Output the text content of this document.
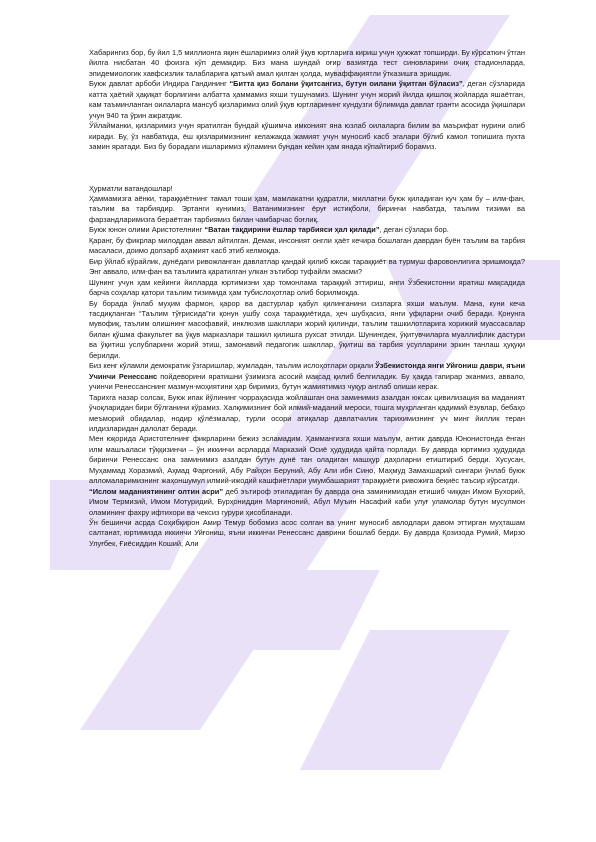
Хабарингиз бор, бу йил 1,5 миллионга яқин ёшларимиз олий ўқув юртларига кириш учун ҳужжат топширди. Бу кўрсаткич ўтган йилга нисбатан 40 фоизга кўп демакдир. Биз мана шундай оғир вазиятда тест синовларини очиқ стадионларда, эпидемиологик хавфсизлик талабларига қатъий амал қилган ҳолда, муваффақиятли ўтказишга эришдик.

Буюк давлат арбоби Индира Гандининг “Битта қиз болани ўқитсангиз, бутун оилани ўқитган бўласиз”, деган сўзларида катта ҳаётий ҳақиқат борлигини албатта ҳаммамиз яхши тушунамиз. Шунинг учун жорий йилда қишлоқ жойларда яшаётган, кам таъминланган оилаларга мансуб қизларимиз олий ўқув юртларининг кундузги бўлимида давлат гранти асосида ўқишлари учун 940 та ўрин ажратдик.

Ўйлайманки, қизларимиз учун яратилган бундай қўшимча имконият яна юзлаб оилаларга билим ва маърифат нурини олиб киради. Бу, ўз навбатида, ёш қизларимизнинг келажакда жамият учун муносиб касб эгалари бўлиб камол топишига пухта замин яратади. Биз бу борадаги ишларимиз кўламини бундан кейин ҳам янада кўпайтириб борамиз.

Ҳурматли ватандошлар!

Ҳаммамизга аёнки, тараққиётнинг тамал тоши ҳам, мамлакатни қудратли, миллатни буюк қиладиган куч ҳам бу – илм-фан, таълим ва тарбиядир. Эртанги кунимиз, Ватанимизнинг ёруғ истиқболи, биринчи навбатда, таълим тизими ва фарзандларимизга бераётган тарбиямиз билан чамбарчас боғлиқ.

Буюк юнон олими Аристотелнинг “Ватан тақдирини ёшлар тарбияси ҳал қилади”, деган сўзлари бор.

Қаранг, бу фикрлар милоддан аввал айтилган. Демак, инсоният онгли ҳаёт кечира бошлаган даврдан буён таълим ва тарбия масаласи, доимо долзарб аҳамият касб этиб келмоқда.

Бир ўйлаб кўрайлик, дунёдаги ривожланган давлатлар қандай қилиб юксак тараққиёт ва турмуш фаровонлигига эришмоқда? Энг аввало, илм-фан ва таълимга қаратилган улкан эътибор туфайли эмасми?

Шунинг учун ҳам кейинги йилларда юртимизни ҳар томонлама тараққий эттириш, янги Ўзбекистонни яратиш мақсадида барча соҳалар қатори таълим тизимида ҳам тубислоҳотлар олиб борилмоқда.

Бу борада ўнлаб муҳим фармон, қарор ва дастурлар қабул қилинганини сизларга яхши маълум. Мана, куни кеча тасдиқланган “Таълим тўғрисида”ги қонун ушбу соҳа тараққиётида, ҳеч шубҳасиз, янги уфқларни очиб беради. Қонунга мувофиқ, таълим олишнинг масофавий, инклюзив шакллари жорий қилинди, таълим ташкилотларига хорижий муассасалар билан қўшма факультет ва ўқув марказлари ташкил қилишга рухсат этилди. Шунингдек, ўқитувчиларга муаллифлик дастури ва ўқитиш услубларини жорий этиш, замонавий педагогик шакллар, ўқитиш ва тарбия усулларини эркин танлаш ҳуқуқи берилди.

Биз кенг кўламли демократик ўзгаришлар, жумладан, таълим ислоҳотлари орқали Ўзбекистонда янги Уйғониш даври, яъни Учинчи Ренессанс пойдеворини яратишни ўзимизга асосий мақсад қилиб белгиладик. Бу ҳақда гапирар эканмиз, аввало, учинчи Ренессанснинг мазмун-моҳиятини ҳар биримиз, бутун жамиятимиз чуқур англаб олиши керак.

Тарихга назар солсак, Буюк ипак йўлининг чорраҳасида жойлашган она заминимиз азалдан юксак цивилизация ва маданият ўчоқларидан бири бўлганини кўрамиз. Халқимизнинг бой илмий-маданий мероси, тошга муҳрланган қадимий ёзувлар, бебаҳо меъморий обидалар, нодир қўлёзмалар, турли осори атиқалар давлатчилик тарихимизнинг уч минг йиллик теран илдизларидан далолат беради.

Мен юқорида Аристотелнинг фикрларини бежиз эсламадим. Ҳаммангизга яхши маълум, антик даврда Юнонистонда ёнган илм машъаласи тўққизинчи – ўн иккинчи асрларда Марказий Осиё ҳудудида қайта порлади. Бу даврда юртимиз ҳудудида биринчи Ренессанс она заминимиз азалдан бутун дунё тан оладиган машҳур даҳоларни етиштириб берди. Хусусан, Муҳаммад Хоразмий, Аҳмад Фарғоний, Абу Райҳон Беруний, Абу Али ибн Сино, Маҳмуд Замахшарий сингари ўнлаб буюк алломаларимизнинг жаҳоншумул илмий-ижодий кашфиётлари умумбашарият тараққиёти ривожига беқиёс таъсир кўрсатди.

“Ислом маданиятининг олтин асри” деб эътироф этиладиган бу даврда она заминимиздан етишиб чиққан Имом Бухорий, Имом Термизий, Имом Мотуридий, Бурҳониддин Марғиноний, Абул Муъин Насафий каби улуғ уламолар бутун мусулмон оламининг фахру ифтихори ва чексиз гурури ҳисобланади.

Ўн бешинчи асрда Соҳибқирон Амир Темур бобомиз асос солган ва унинг муносиб авлодлари давом эттирган муҳташам салтанат, юртимизда иккинчи Уйғониш, яъни иккинчи Ренессанс даврини бошлаб берди. Бу даврда Қозизода Румий, Мирзо Улуғбек, Ғиёсиддин Коший, Али
